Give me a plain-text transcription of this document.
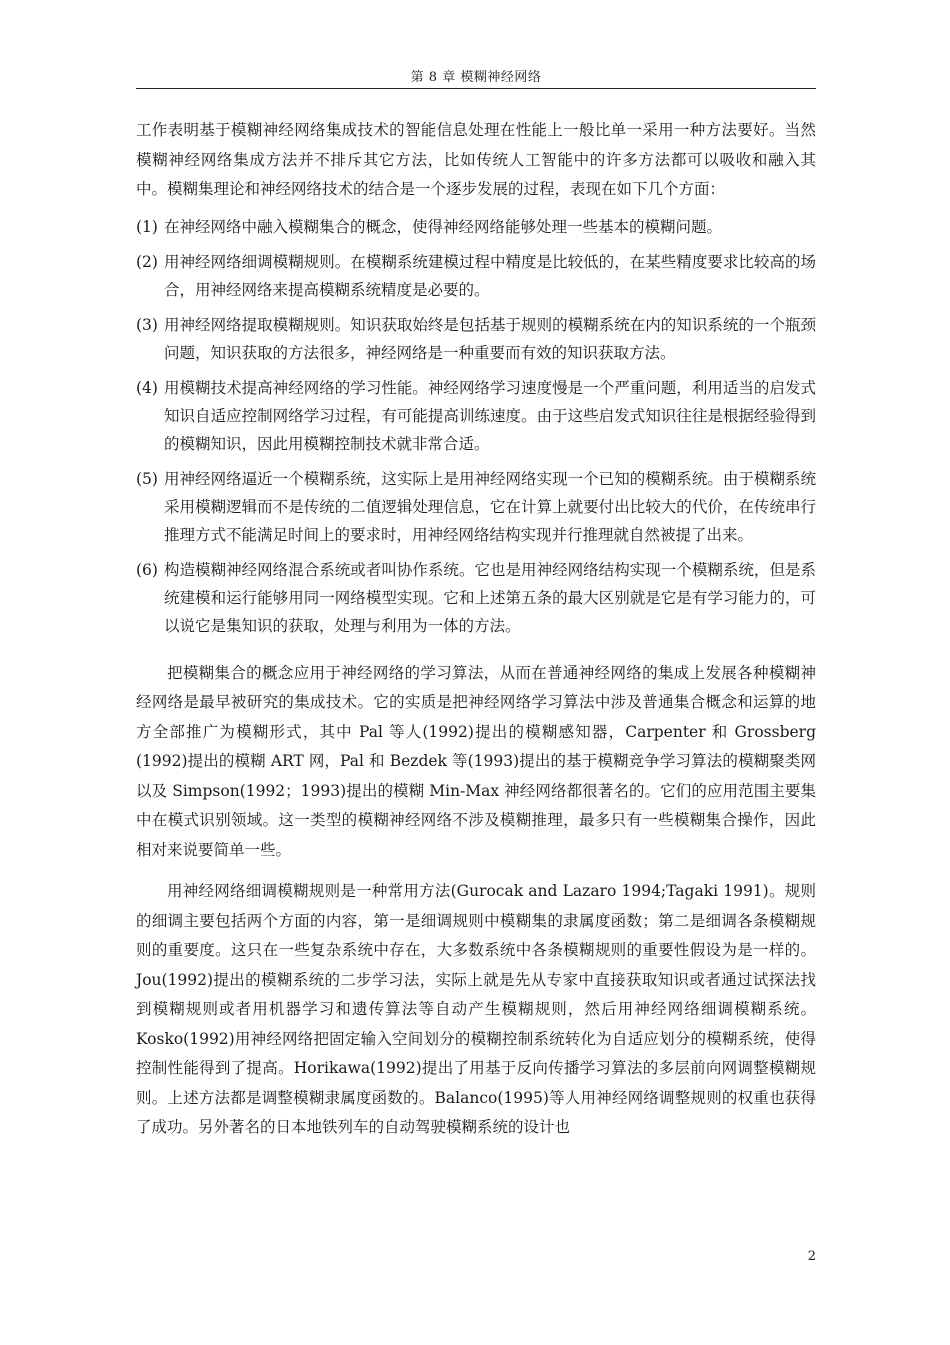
第 8 章 模糊神经网络

工作表明基于模糊神经网络集成技术的智能信息处理在性能上一般比单一采用一种方法要好。当然模糊神经网络集成方法并不排斥其它方法，比如传统人工智能中的许多方法都可以吸收和融入其中。模糊集理论和神经网络技术的结合是一个逐步发展的过程，表现在如下几个方面：

(1) 在神经网络中融入模糊集合的概念，使得神经网络能够处理一些基本的模糊问题。
(2) 用神经网络细调模糊规则。在模糊系统建模过程中精度是比较低的，在某些精度要求比较高的场合，用神经网络来提高模糊系统精度是必要的。
(3) 用神经网络提取模糊规则。知识获取始终是包括基于规则的模糊系统在内的知识系统的一个瓶颈问题，知识获取的方法很多，神经网络是一种重要而有效的知识获取方法。
(4) 用模糊技术提高神经网络的学习性能。神经网络学习速度慢是一个严重问题，利用适当的启发式知识自适应控制网络学习过程，有可能提高训练速度。由于这些启发式知识往往是根据经验得到的模糊知识，因此用模糊控制技术就非常合适。
(5) 用神经网络逼近一个模糊系统，这实际上是用神经网络实现一个已知的模糊系统。由于模糊系统采用模糊逻辑而不是传统的二值逻辑处理信息，它在计算上就要付出比较大的代价，在传统串行推理方式不能满足时间上的要求时，用神经网络结构实现并行推理就自然被提了出来。
(6) 构造模糊神经网络混合系统或者叫协作系统。它也是用神经网络结构实现一个模糊系统，但是系统建模和运行能够用同一网络模型实现。它和上述第五条的最大区别就是它是有学习能力的，可以说它是集知识的获取，处理与利用为一体的方法。

把模糊集合的概念应用于神经网络的学习算法，从而在普通神经网络的集成上发展各种模糊神经网络是最早被研究的集成技术。它的实质是把神经网络学习算法中涉及普通集合概念和运算的地方全部推广为模糊形式，其中 Pal 等人(1992)提出的模糊感知器，Carpenter 和 Grossberg (1992)提出的模糊 ART 网，Pal 和 Bezdek 等(1993)提出的基于模糊竞争学习算法的模糊聚类网以及 Simpson(1992；1993)提出的模糊 Min-Max 神经网络都很著名的。它们的应用范围主要集中在模式识别领域。这一类型的模糊神经网络不涉及模糊推理，最多只有一些模糊集合操作，因此相对来说要简单一些。

用神经网络细调模糊规则是一种常用方法(Gurocak and Lazaro 1994;Tagaki 1991)。规则的细调主要包括两个方面的内容，第一是细调规则中模糊集的隶属度函数；第二是细调各条模糊规则的重要度。这只在一些复杂系统中存在，大多数系统中各条模糊规则的重要性假设为是一样的。Jou(1992)提出的模糊系统的二步学习法，实际上就是先从专家中直接获取知识或者通过试探法找到模糊规则或者用机器学习和遗传算法等自动产生模糊规则，然后用神经网络细调模糊系统。Kosko(1992)用神经网络把固定输入空间划分的模糊控制系统转化为自适应划分的模糊系统，使得控制性能得到了提高。Horikawa(1992)提出了用基于反向传播学习算法的多层前向网调整模糊规则。上述方法都是调整模糊隶属度函数的。Balanco(1995)等人用神经网络调整规则的权重也获得了成功。另外著名的日本地铁列车的自动驾驶模糊系统的设计也

2
